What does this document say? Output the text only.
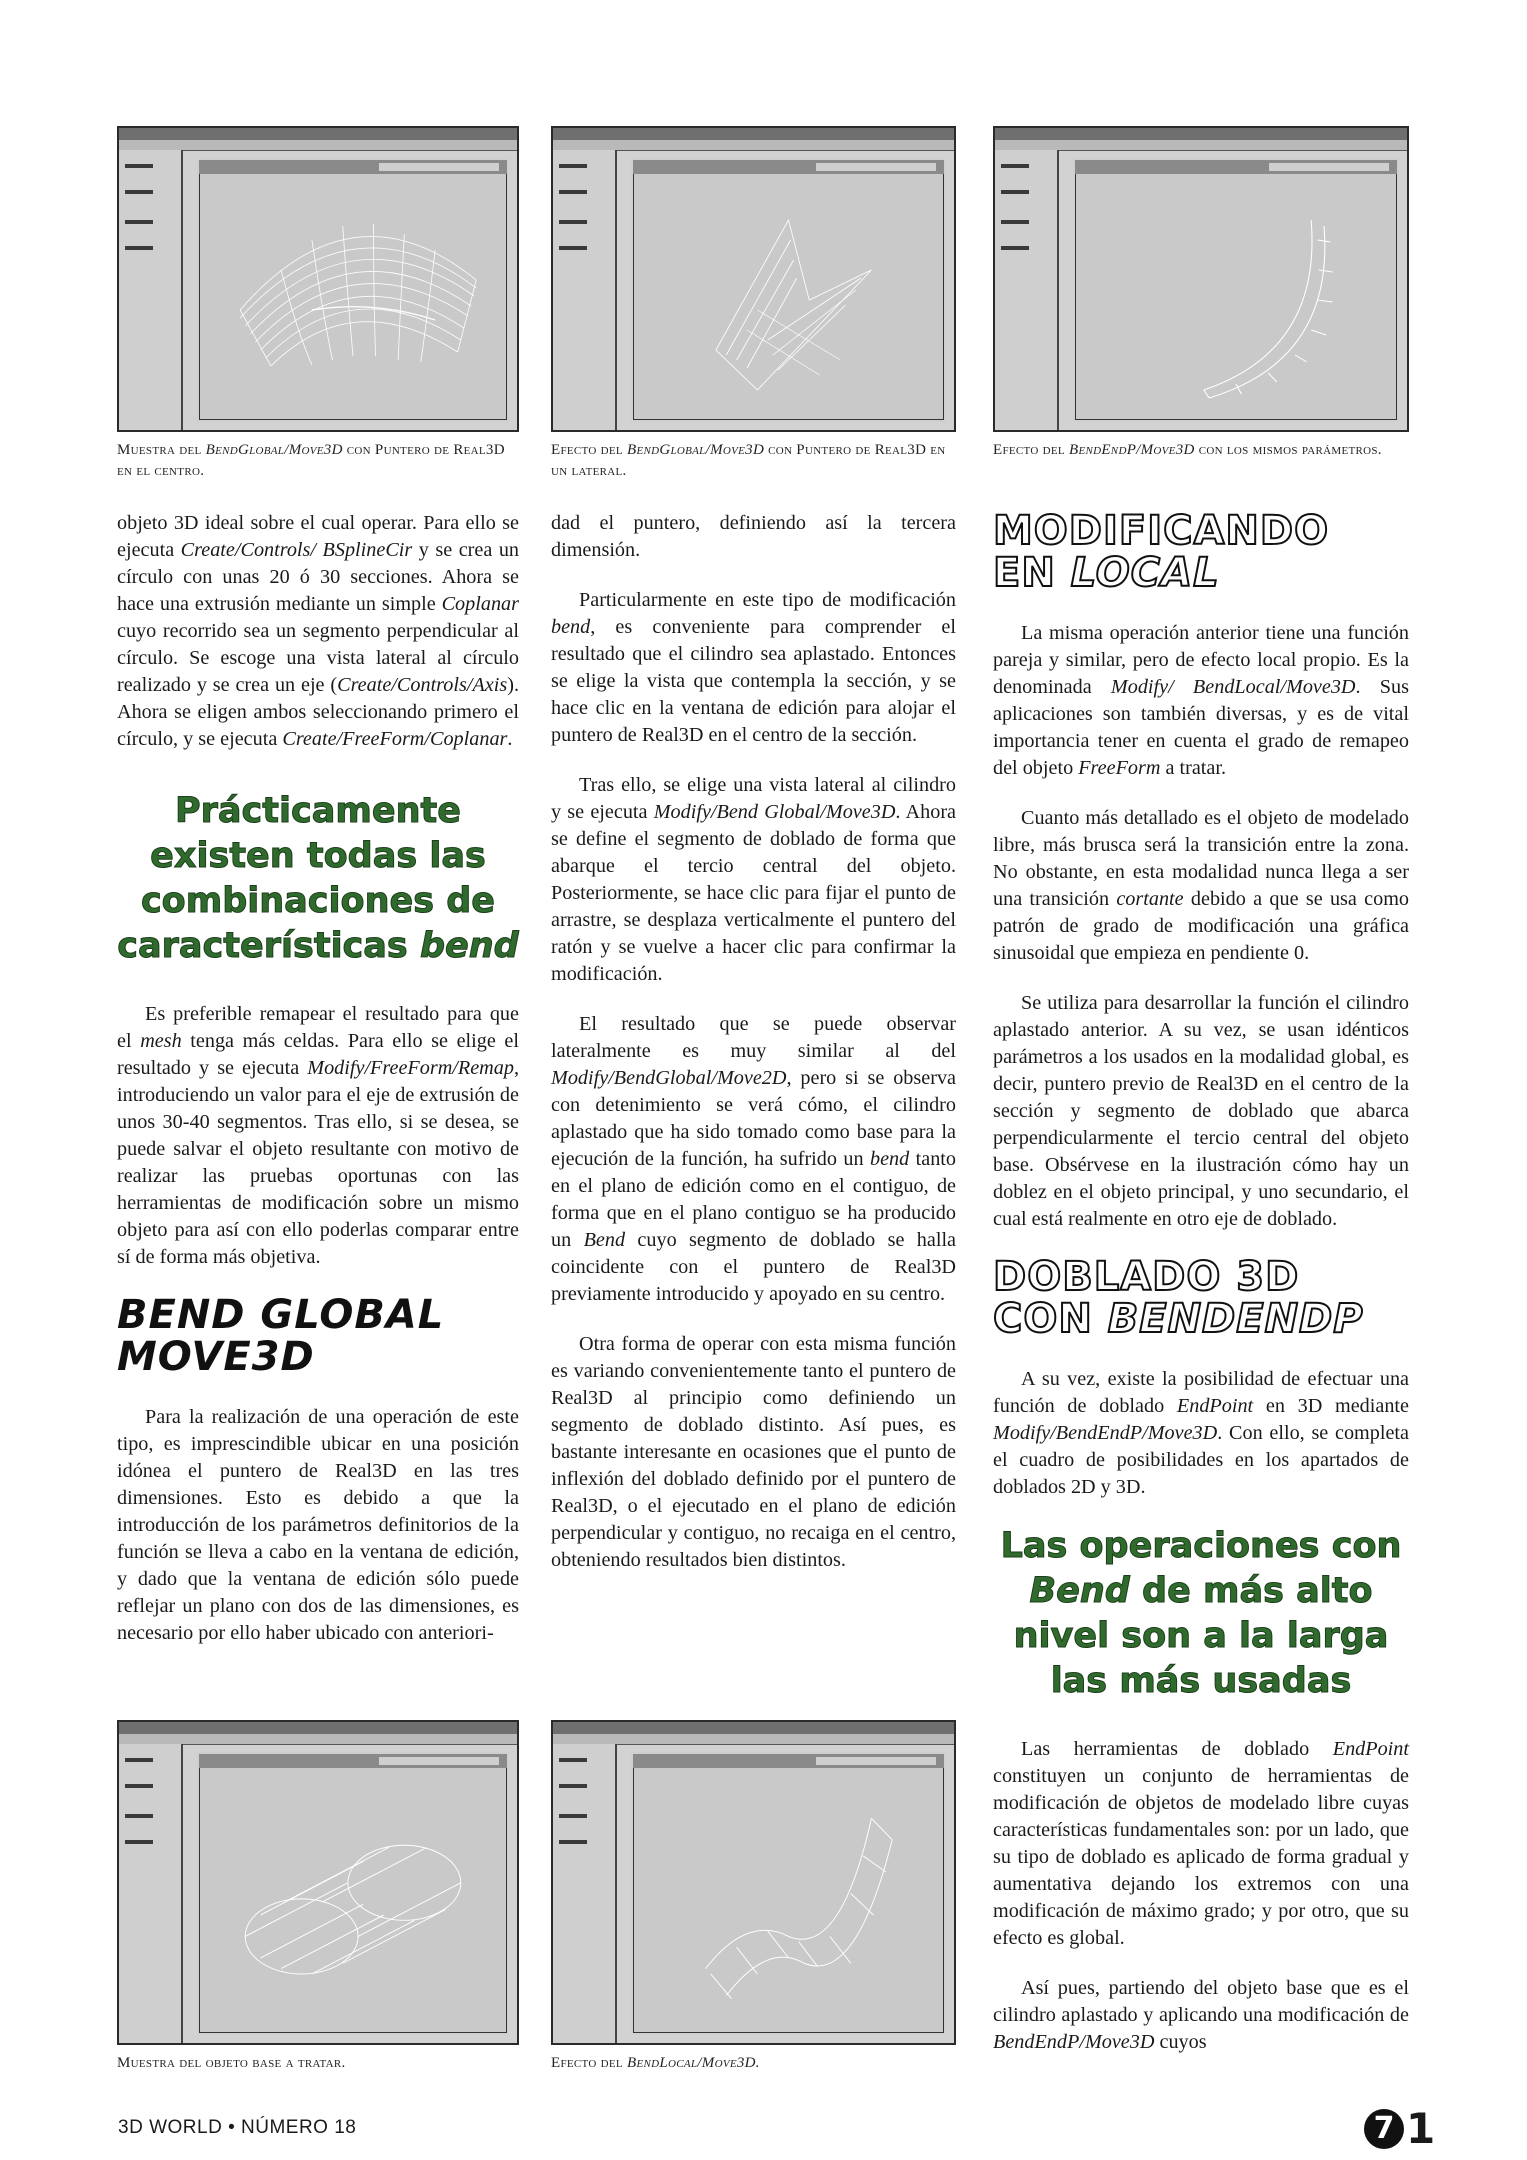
Muestra del BendGlobal/Move3D con Puntero de Real3D en el centro.
Efecto del BendGlobal/Move3D con Puntero de Real3D en un lateral.
Efecto del BendEndP/Move3D con los mismos parámetros.

objeto 3D ideal sobre el cual operar. Para ello se ejecuta Create/Controls/ BSplineCir y se crea un círculo con unas 20 ó 30 secciones. Ahora se hace una extrusión mediante un simple Coplanar cuyo recorrido sea un segmento perpendicular al círculo. Se escoge una vista lateral al círculo realizado y se crea un eje (Create/Controls/Axis). Ahora se eligen ambos seleccionando primero el círculo, y se ejecuta Create/FreeForm/Coplanar.

Prácticamente existen todas las combinaciones de características bend

Es preferible remapear el resultado para que el mesh tenga más celdas. Para ello se elige el resultado y se ejecuta Modify/FreeForm/Remap, introduciendo un valor para el eje de extrusión de unos 30-40 segmentos. Tras ello, si se desea, se puede salvar el objeto resultante con motivo de realizar las pruebas oportunas con las herramientas de modificación sobre un mismo objeto para así con ello poderlas comparar entre sí de forma más objetiva.

BEND GLOBAL
MOVE3D

Para la realización de una operación de este tipo, es imprescindible ubicar en una posición idónea el puntero de Real3D en las tres dimensiones. Esto es debido a que la introducción de los parámetros definitorios de la función se lleva a cabo en la ventana de edición, y dado que la ventana de edición sólo puede reflejar un plano con dos de las dimensiones, es necesario por ello haber ubicado con anteriori-

dad el puntero, definiendo así la tercera dimensión.

Particularmente en este tipo de modificación bend, es conveniente para comprender el resultado que el cilindro sea aplastado. Entonces se elige la vista que contempla la sección, y se hace clic en la ventana de edición para alojar el puntero de Real3D en el centro de la sección.

Tras ello, se elige una vista lateral al cilindro y se ejecuta Modify/Bend Global/Move3D. Ahora se define el segmento de doblado de forma que abarque el tercio central del objeto. Posteriormente, se hace clic para fijar el punto de arrastre, se desplaza verticalmente el puntero del ratón y se vuelve a hacer clic para confirmar la modificación.

El resultado que se puede observar lateralmente es muy similar al del Modify/BendGlobal/Move2D, pero si se observa con detenimiento se verá cómo, el cilindro aplastado que ha sido tomado como base para la ejecución de la función, ha sufrido un bend tanto en el plano de edición como en el contiguo, de forma que en el plano contiguo se ha producido un Bend cuyo segmento de doblado se halla coincidente con el puntero de Real3D previamente introducido y apoyado en su centro.

Otra forma de operar con esta misma función es variando convenientemente tanto el puntero de Real3D al principio como definiendo un segmento de doblado distinto. Así pues, es bastante interesante en ocasiones que el punto de inflexión del doblado definido por el puntero de Real3D, o el ejecutado en el plano de edición perpendicular y contiguo, no recaiga en el centro, obteniendo resultados bien distintos.

MODIFICANDO
EN LOCAL

La misma operación anterior tiene una función pareja y similar, pero de efecto local propio. Es la denominada Modify/ BendLocal/Move3D. Sus aplicaciones son también diversas, y es de vital importancia tener en cuenta el grado de remapeo del objeto FreeForm a tratar.

Cuanto más detallado es el objeto de modelado libre, más brusca será la transición entre la zona. No obstante, en esta modalidad nunca llega a ser una transición cortante debido a que se usa como patrón de grado de modificación una gráfica sinusoidal que empieza en pendiente 0.

Se utiliza para desarrollar la función el cilindro aplastado anterior. A su vez, se usan idénticos parámetros a los usados en la modalidad global, es decir, puntero previo de Real3D en el centro de la sección y segmento de doblado que abarca perpendicularmente el tercio central del objeto base. Obsérvese en la ilustración cómo hay un doblez en el objeto principal, y uno secundario, el cual está realmente en otro eje de doblado.

DOBLADO 3D
CON BENDENDP

A su vez, existe la posibilidad de efectuar una función de doblado EndPoint en 3D mediante Modify/BendEndP/Move3D. Con ello, se completa el cuadro de posibilidades en los apartados de doblados 2D y 3D.

Las operaciones con Bend de más alto nivel son a la larga las más usadas

Las herramientas de doblado EndPoint constituyen un conjunto de herramientas de modificación de objetos de modelado libre cuyas características fundamentales son: por un lado, que su tipo de doblado es aplicado de forma gradual y aumentativa dejando los extremos con una modificación de máximo grado; y por otro, que su efecto es global.

Así pues, partiendo del objeto base que es el cilindro aplastado y aplicando una modificación de BendEndP/Move3D cuyos

Muestra del objeto base a tratar.	Efecto del BendLocal/Move3D.
3D WORLD • NÚMERO 18	7 1
